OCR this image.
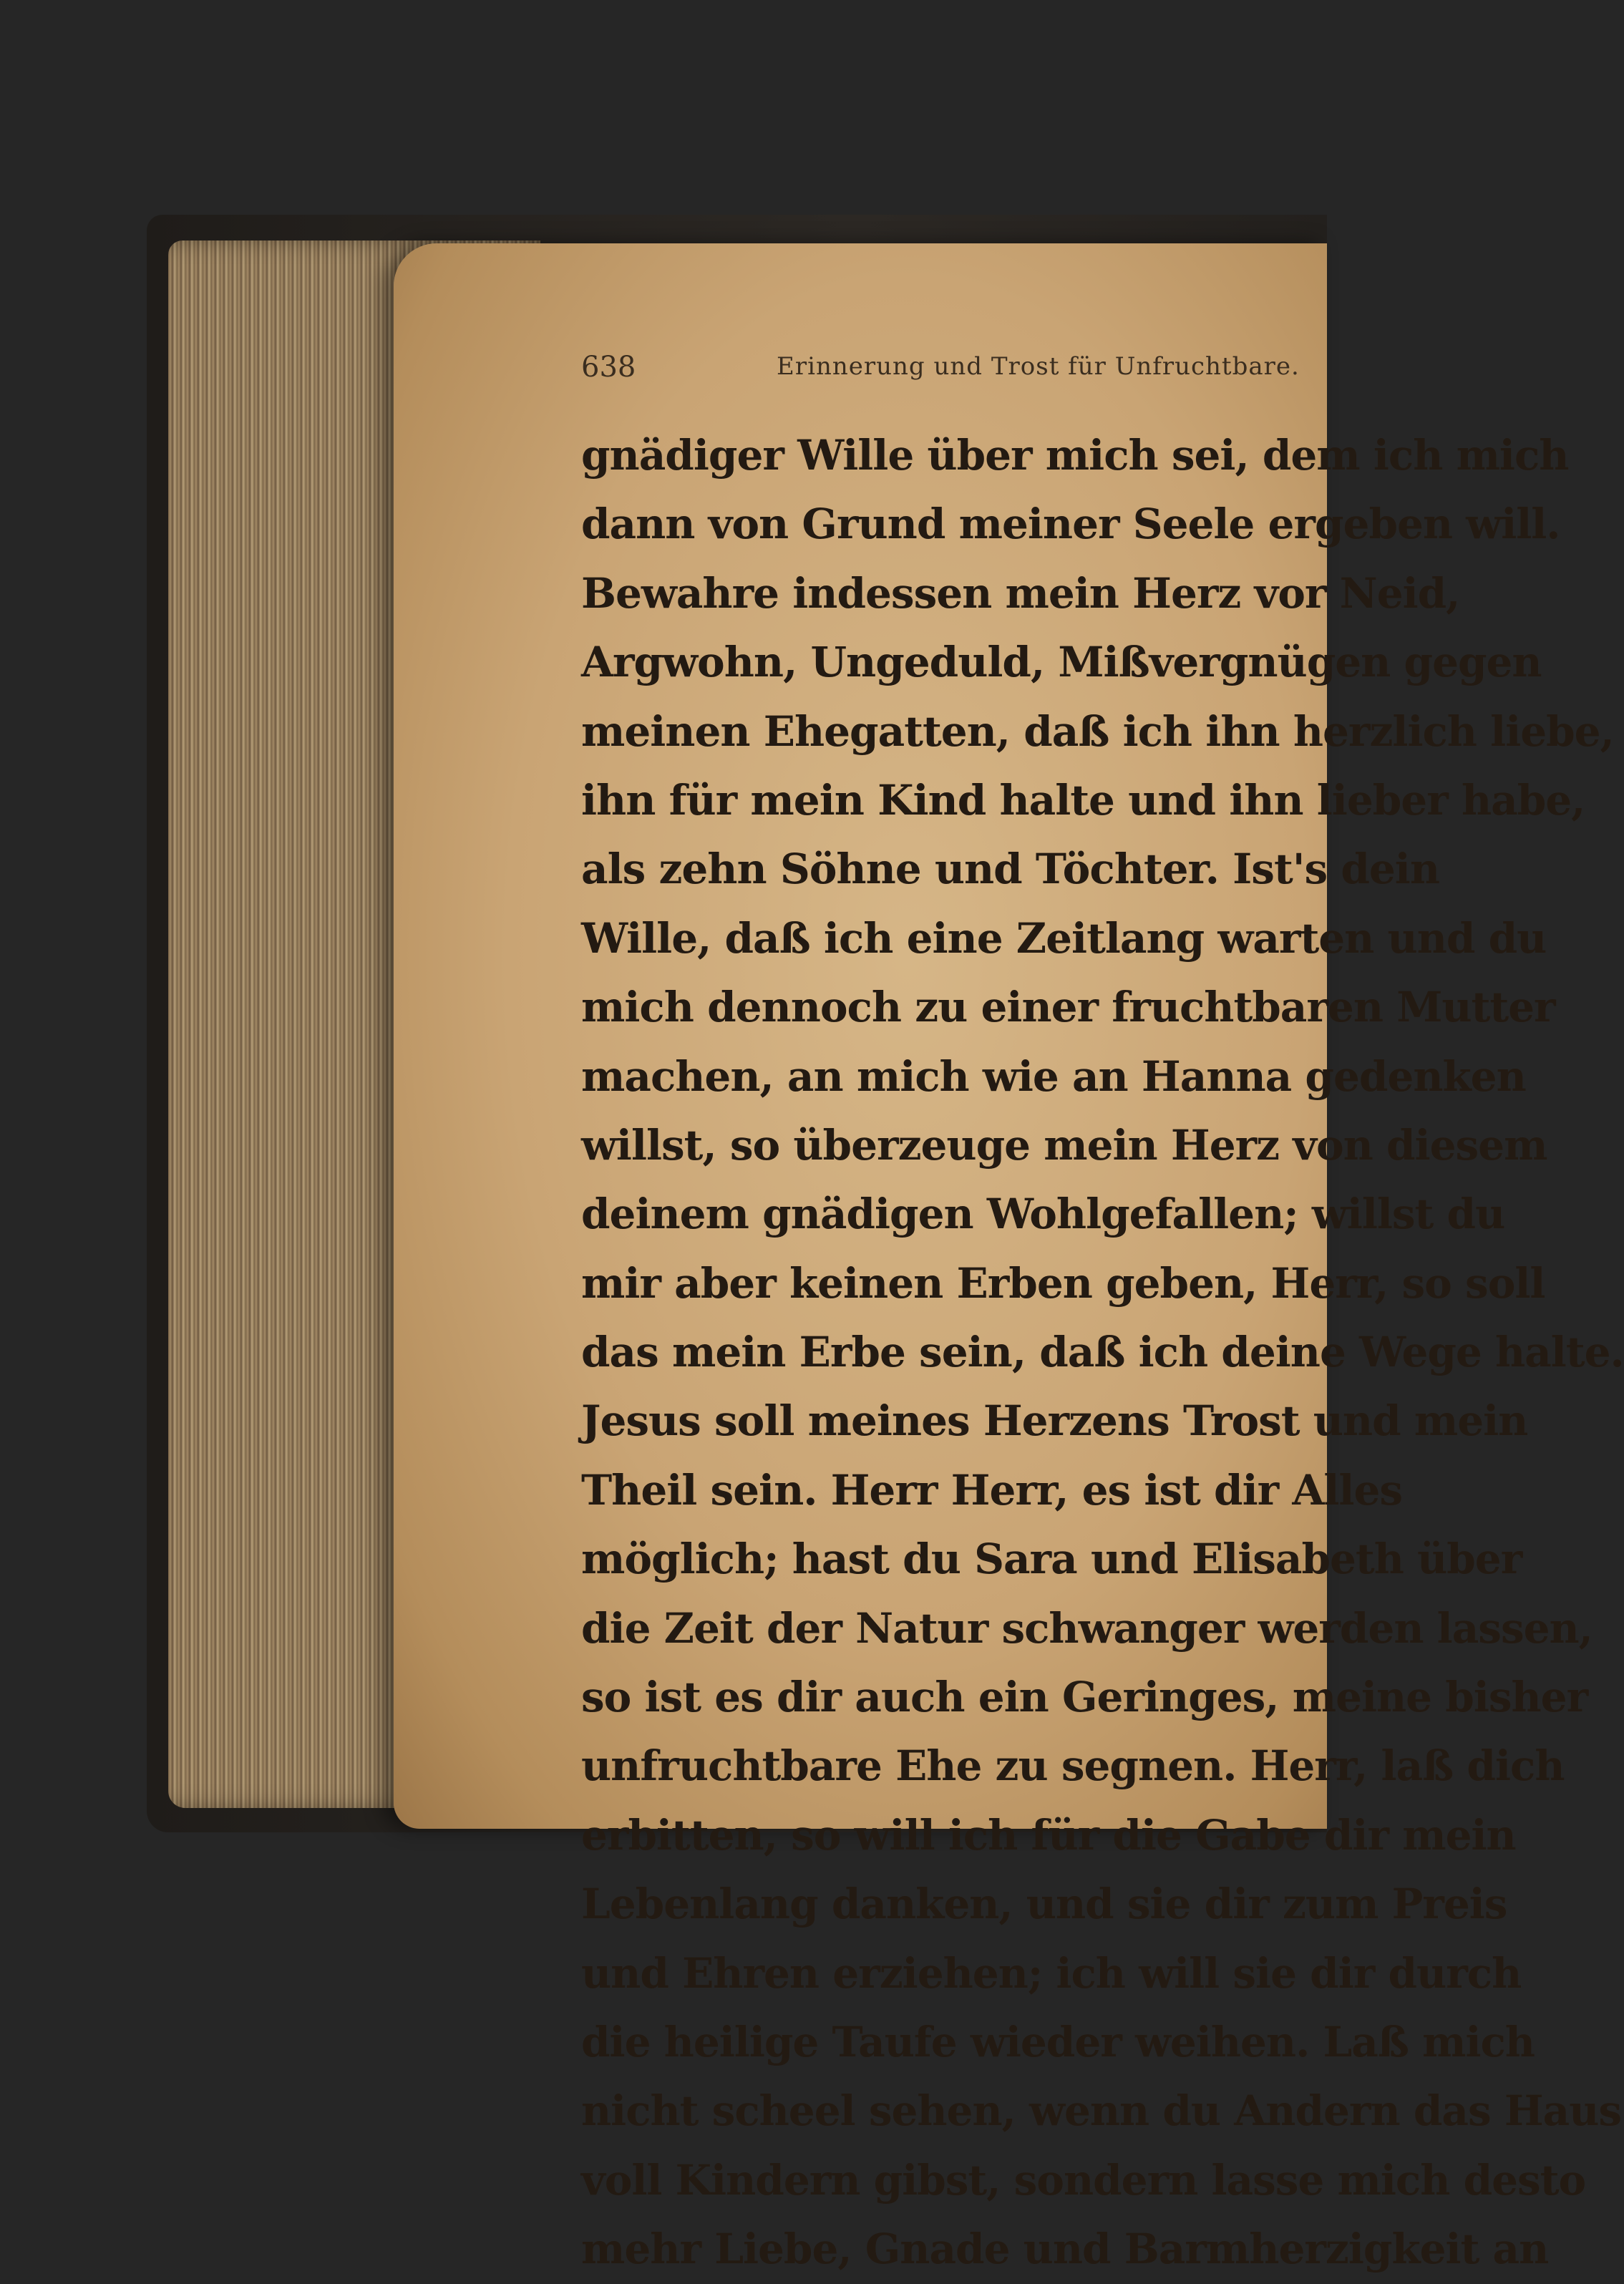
638	Erinnerung und Trost für Unfruchtbare.
gnädiger Wille über mich sei, dem ich mich
dann von Grund meiner Seele ergeben will.
Bewahre indessen mein Herz vor Neid,
Argwohn, Ungeduld, Mißvergnügen gegen
meinen Ehegatten, daß ich ihn herzlich liebe,
ihn für mein Kind halte und ihn lieber habe,
als zehn Söhne und Töchter. Ist's dein
Wille, daß ich eine Zeitlang warten und du
mich dennoch zu einer fruchtbaren Mutter
machen, an mich wie an Hanna gedenken
willst, so überzeuge mein Herz von diesem
deinem gnädigen Wohlgefallen; willst du
mir aber keinen Erben geben, Herr, so soll
das mein Erbe sein, daß ich deine Wege halte.
Jesus soll meines Herzens Trost und mein
Theil sein. Herr Herr, es ist dir Alles
möglich; hast du Sara und Elisabeth über
die Zeit der Natur schwanger werden lassen,
so ist es dir auch ein Geringes, meine bisher
unfruchtbare Ehe zu segnen. Herr, laß dich
erbitten, so will ich für die Gabe dir mein
Lebenlang danken, und sie dir zum Preis
und Ehren erziehen; ich will sie dir durch
die heilige Taufe wieder weihen. Laß mich
nicht scheel sehen, wenn du Andern das Haus
voll Kindern gibst, sondern lasse mich desto
mehr Liebe, Gnade und Barmherzigkeit an
